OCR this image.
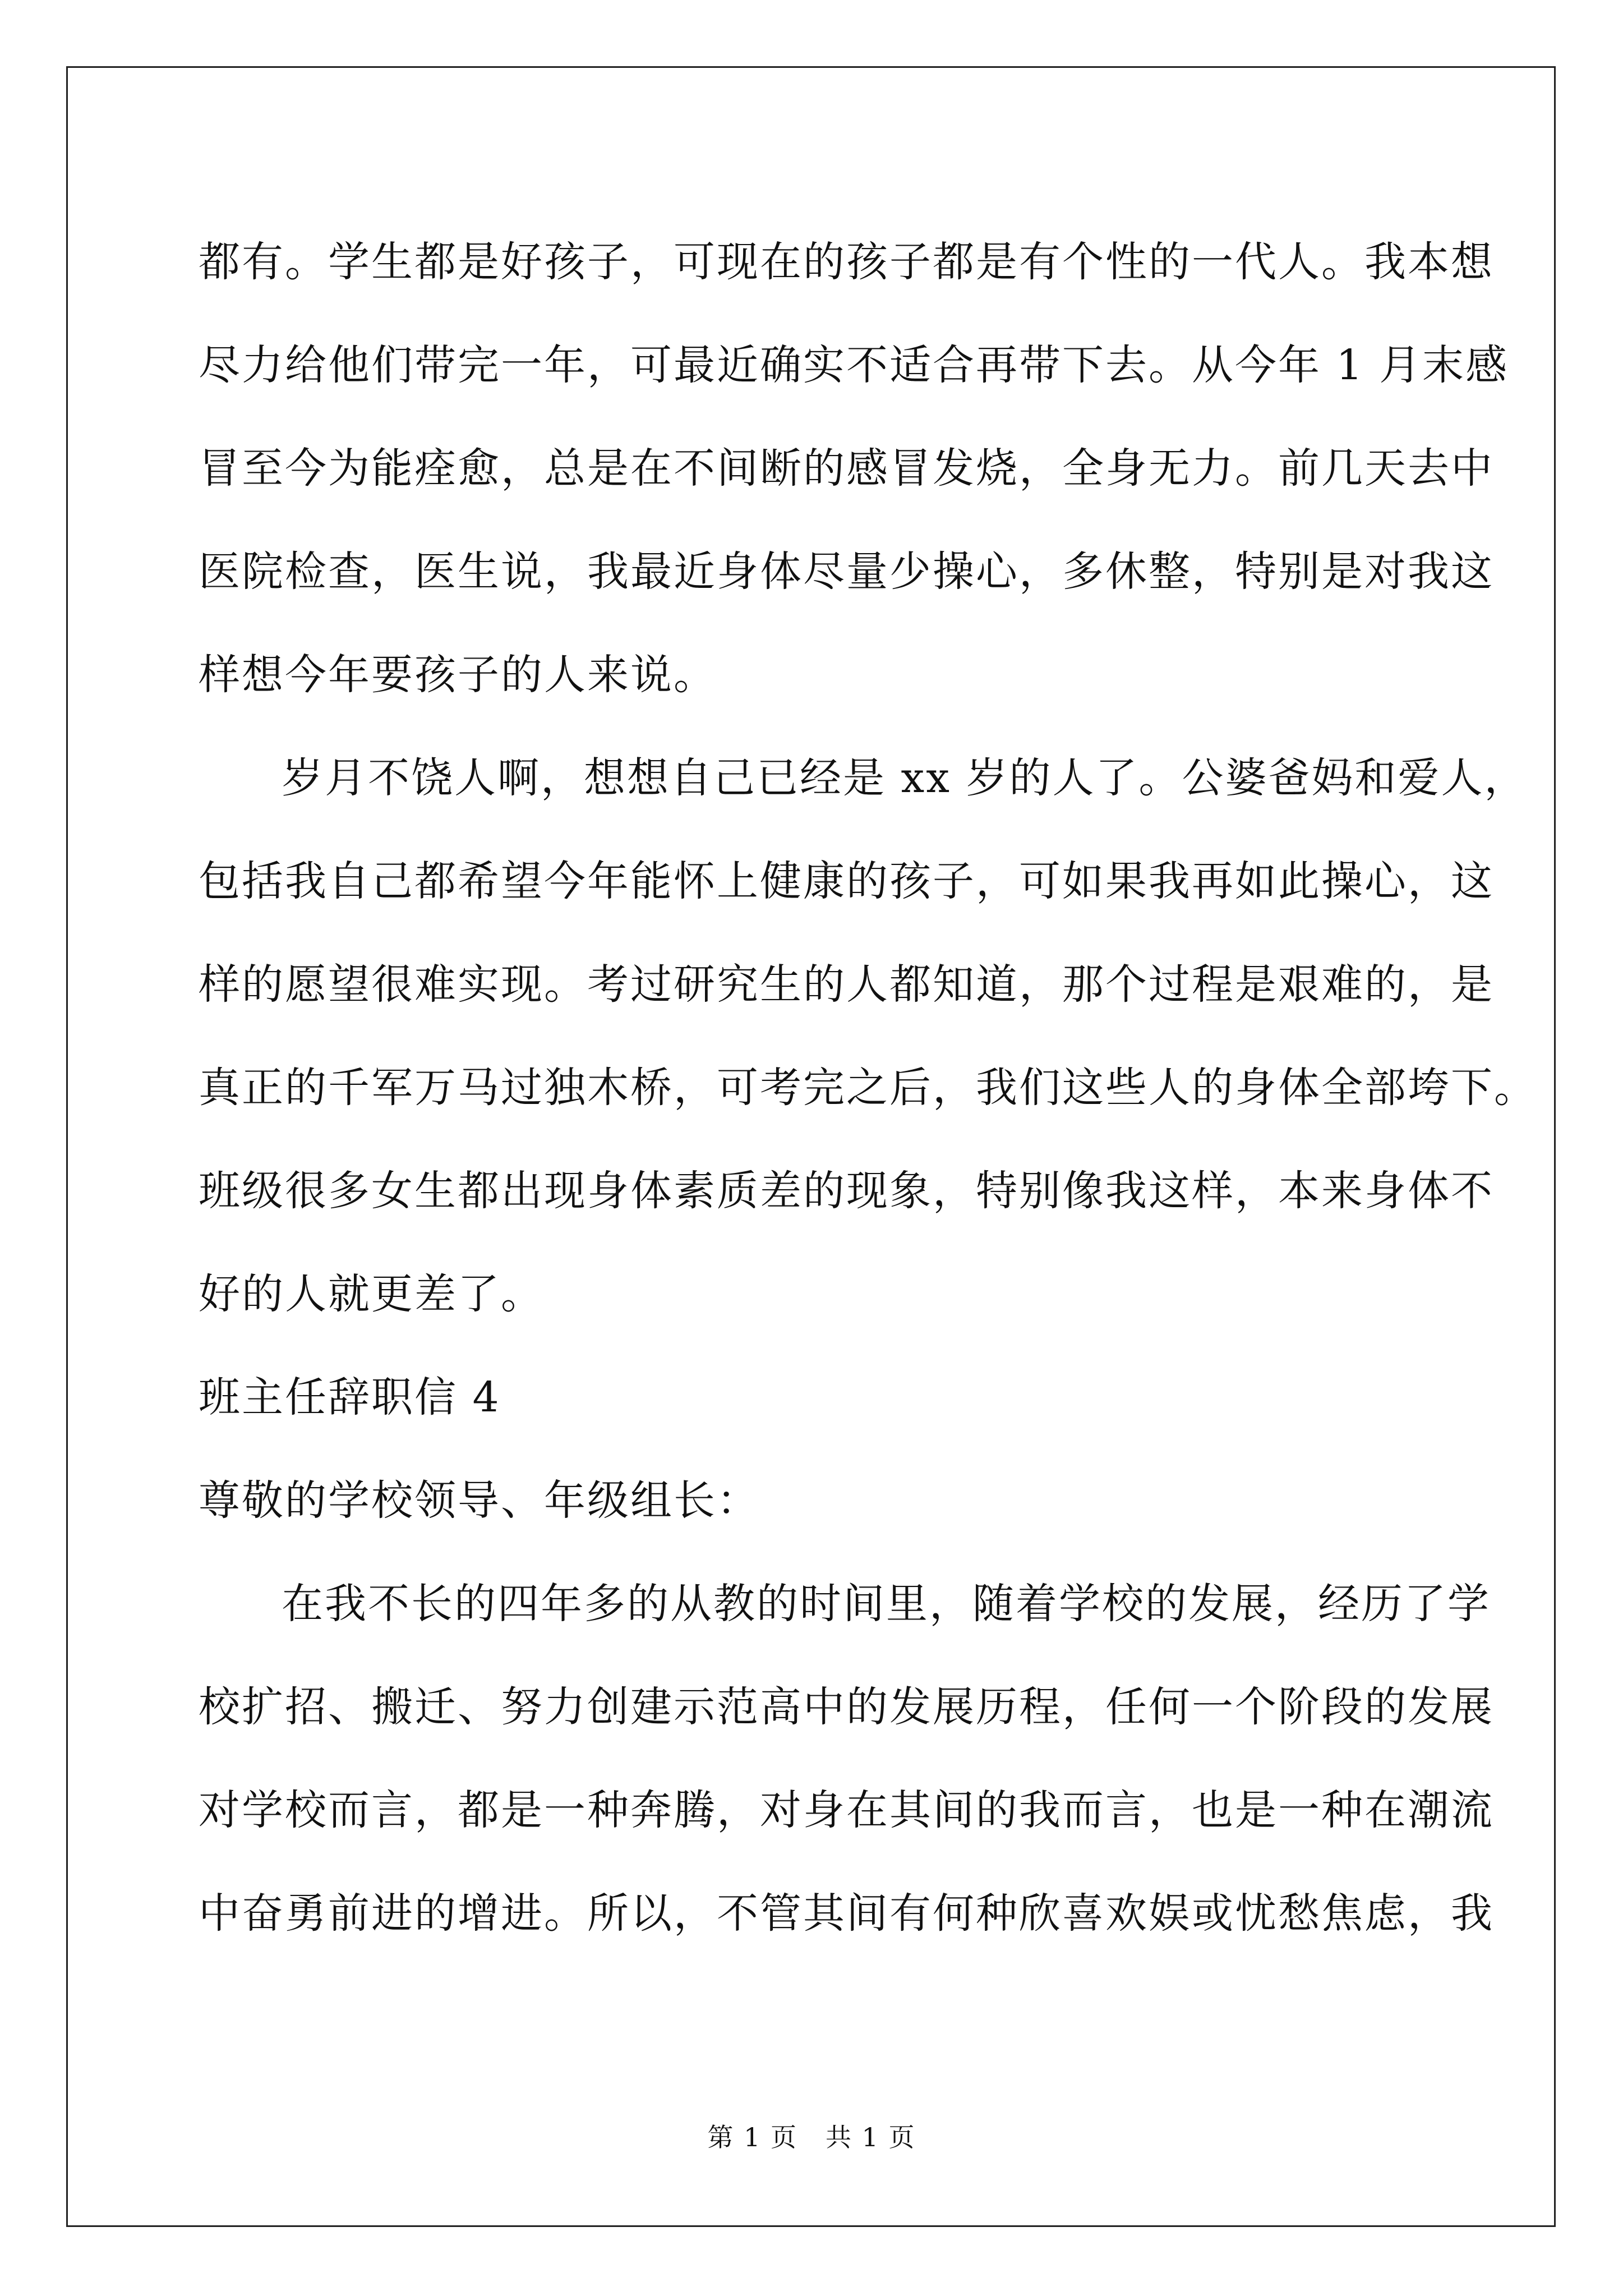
都有。学生都是好孩子，可现在的孩子都是有个性的一代人。我本想
尽力给他们带完一年，可最近确实不适合再带下去。从今年 1 月末感
冒至今为能痊愈，总是在不间断的感冒发烧，全身无力。前几天去中
医院检查，医生说，我最近身体尽量少操心，多休整，特别是对我这
样想今年要孩子的人来说。
岁月不饶人啊，想想自己已经是 xx 岁的人了。公婆爸妈和爱人，
包括我自己都希望今年能怀上健康的孩子，可如果我再如此操心，这
样的愿望很难实现。考过研究生的人都知道，那个过程是艰难的，是
真正的千军万马过独木桥，可考完之后，我们这些人的身体全部垮下。
班级很多女生都出现身体素质差的现象，特别像我这样，本来身体不
好的人就更差了。
班主任辞职信 4
尊敬的学校领导、年级组长：
在我不长的四年多的从教的时间里，随着学校的发展，经历了学
校扩招、搬迁、努力创建示范高中的发展历程，任何一个阶段的发展
对学校而言，都是一种奔腾，对身在其间的我而言，也是一种在潮流
中奋勇前进的增进。所以，不管其间有何种欣喜欢娱或忧愁焦虑，我
第 1 页 共 1 页
